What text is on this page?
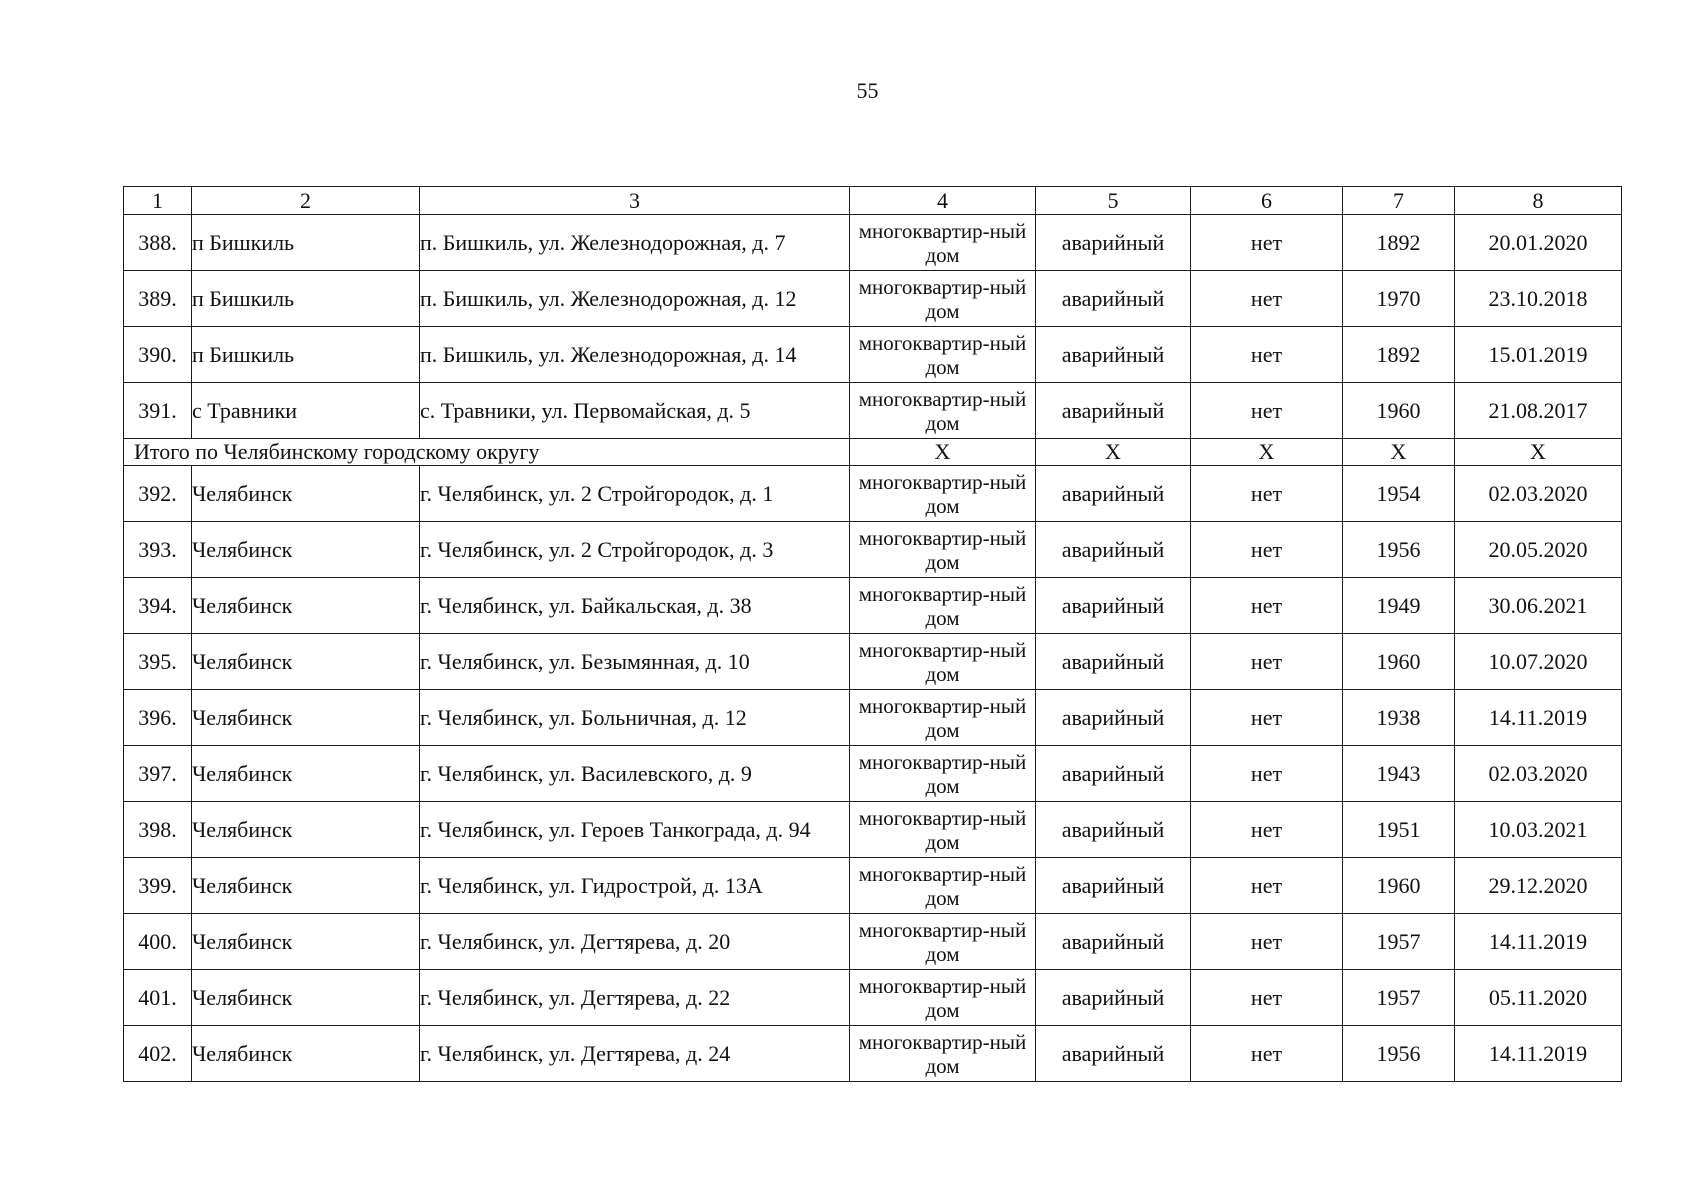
55
1	2	3	4	5	6	7	8
388.	п Бишкиль	п. Бишкиль, ул. Железнодорожная, д. 7	многоквартир-ный дом	аварийный	нет	1892	20.01.2020
389.	п Бишкиль	п. Бишкиль, ул. Железнодорожная, д. 12	многоквартир-ный дом	аварийный	нет	1970	23.10.2018
390.	п Бишкиль	п. Бишкиль, ул. Железнодорожная, д. 14	многоквартир-ный дом	аварийный	нет	1892	15.01.2019
391.	с Травники	с. Травники, ул. Первомайская, д. 5	многоквартир-ный дом	аварийный	нет	1960	21.08.2017
Итого по Челябинскому городскому округу			X	X	X	X	X
392.	Челябинск	г. Челябинск, ул. 2 Стройгородок, д. 1	многоквартир-ный дом	аварийный	нет	1954	02.03.2020
393.	Челябинск	г. Челябинск, ул. 2 Стройгородок, д. 3	многоквартир-ный дом	аварийный	нет	1956	20.05.2020
394.	Челябинск	г. Челябинск, ул. Байкальская, д. 38	многоквартир-ный дом	аварийный	нет	1949	30.06.2021
395.	Челябинск	г. Челябинск, ул. Безымянная, д. 10	многоквартир-ный дом	аварийный	нет	1960	10.07.2020
396.	Челябинск	г. Челябинск, ул. Больничная, д. 12	многоквартир-ный дом	аварийный	нет	1938	14.11.2019
397.	Челябинск	г. Челябинск, ул. Василевского, д. 9	многоквартир-ный дом	аварийный	нет	1943	02.03.2020
398.	Челябинск	г. Челябинск, ул. Героев Танкограда, д. 94	многоквартир-ный дом	аварийный	нет	1951	10.03.2021
399.	Челябинск	г. Челябинск, ул. Гидрострой, д. 13А	многоквартир-ный дом	аварийный	нет	1960	29.12.2020
400.	Челябинск	г. Челябинск, ул. Дегтярева, д. 20	многоквартир-ный дом	аварийный	нет	1957	14.11.2019
401.	Челябинск	г. Челябинск, ул. Дегтярева, д. 22	многоквартир-ный дом	аварийный	нет	1957	05.11.2020
402.	Челябинск	г. Челябинск, ул. Дегтярева, д. 24	многоквартир-ный дом	аварийный	нет	1956	14.11.2019
